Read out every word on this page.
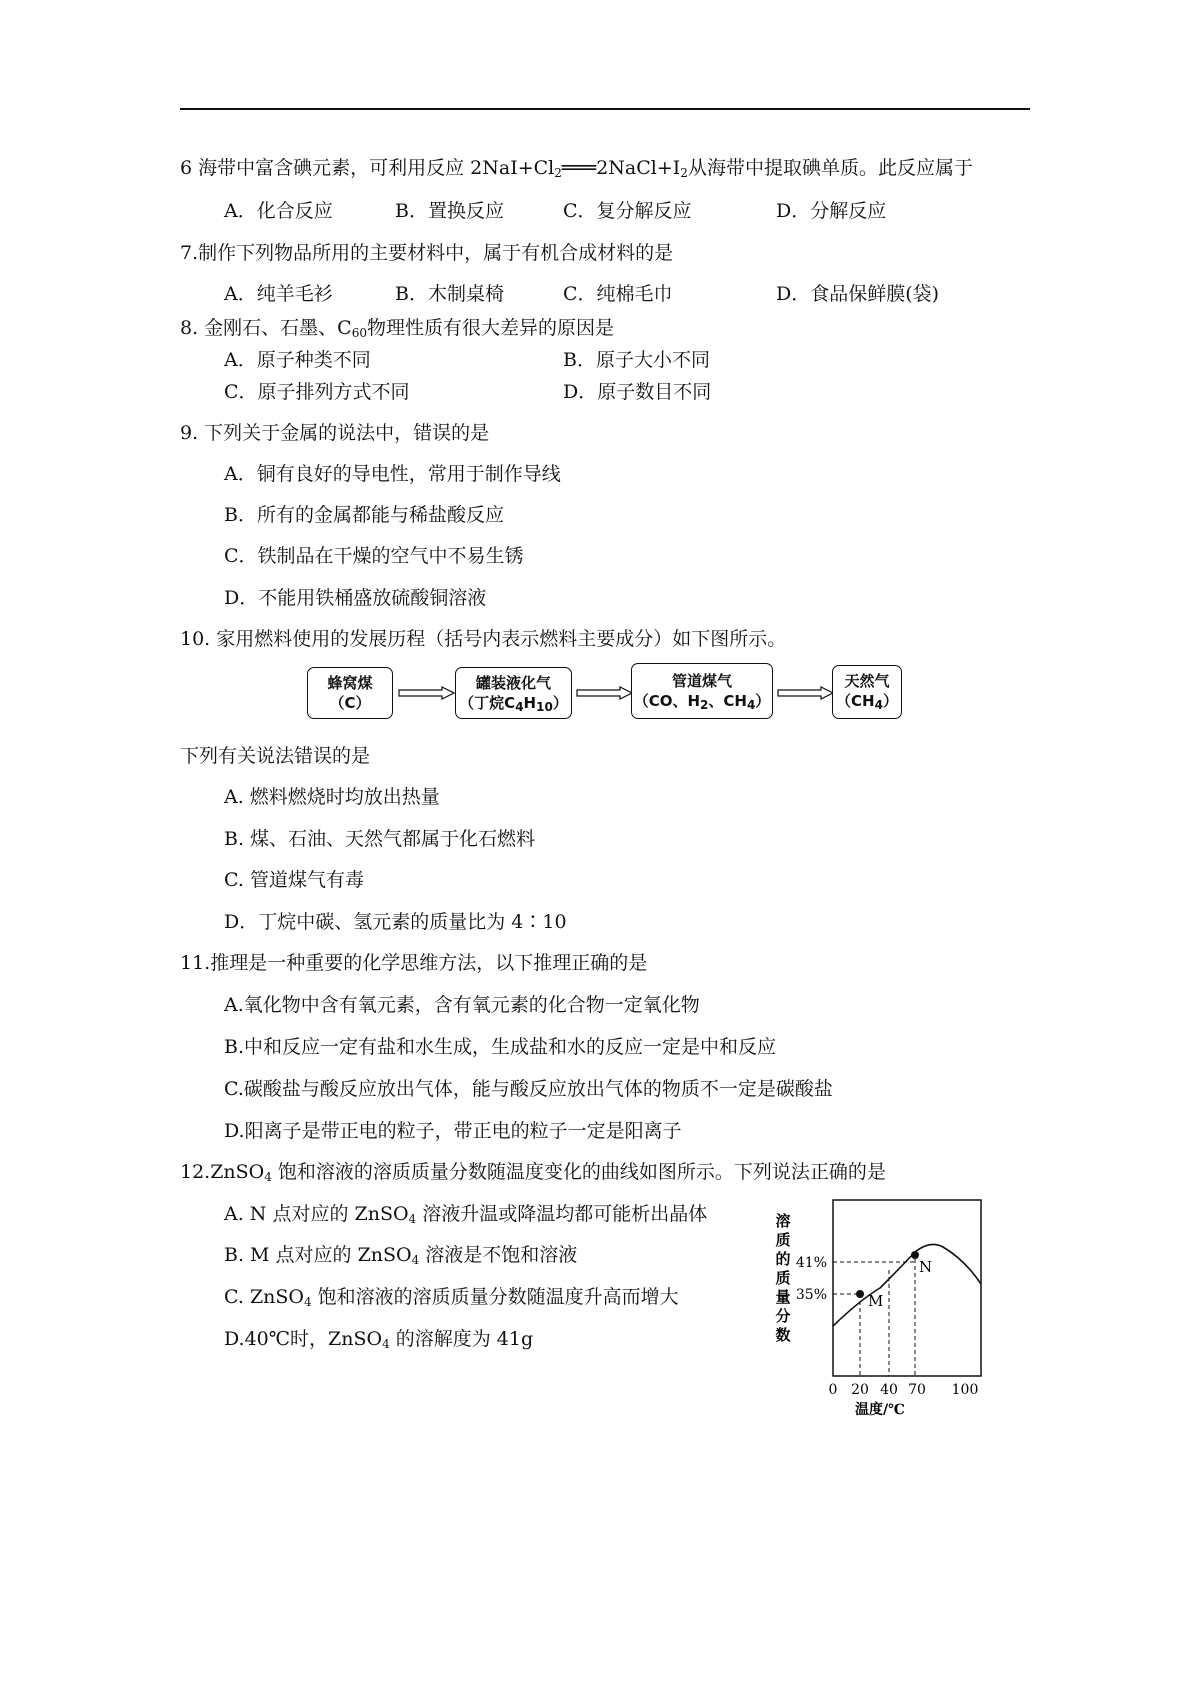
6 海带中富含碘元素，可利用反应 $2NaI+Cl_2═══2NaCl+I_2$从海带中提取碘单质。此反应属于
A．化合反应	B．置换反应	C．复分解反应	D．分解反应
7.制作下列物品所用的主要材料中，属于有机合成材料的是
A．纯羊毛衫	B．木制桌椅	C．纯棉毛巾	D．食品保鲜膜(袋)
8. 金刚石、石墨、$C_{60}$物理性质有很大差异的原因是
A．原子种类不同	B．原子大小不同
C．原子排列方式不同	D．原子数目不同
9. 下列关于金属的说法中，错误的是
A．铜有良好的导电性，常用于制作导线
B．所有的金属都能与稀盐酸反应
C．铁制品在干燥的空气中不易生锈
D．不能用铁桶盛放硫酸铜溶液
10. 家用燃料使用的发展历程（括号内表示燃料主要成分）如下图所示。
蜂窝煤
（C）
罐装液化气
（丁烷$C_4H_{10}$）
管道煤气
（CO、$H_2$、$CH_4$）
天然气
$(CH_4)$
下列有关说法错误的是
A. 燃料燃烧时均放出热量
B. 煤、石油、天然气都属于化石燃料
C. 管道煤气有毒
D．丁烷中碳、氢元素的质量比为 4∶10
11.推理是一种重要的化学思维方法，以下推理正确的是
A.氧化物中含有氧元素，含有氧元素的化合物一定氧化物
B.中和反应一定有盐和水生成，生成盐和水的反应一定是中和反应
C.碳酸盐与酸反应放出气体，能与酸反应放出气体的物质不一定是碳酸盐
D.阳离子是带正电的粒子，带正电的粒子一定是阳离子
12.ZnSO$_4$ 饱和溶液的溶质质量分数随温度变化的曲线如图所示。下列说法正确的是
A. N 点对应的 ZnSO$_4$ 溶液升温或降温均都可能析出晶体
B. M 点对应的 ZnSO$_4$ 溶液是不饱和溶液
C. ZnSO$_4$ 饱和溶液的溶质质量分数随温度升高而增大
D.40℃时，ZnSO$_4$ 的溶解度为 41g
溶
质
的
质
量
分
数
M
N
41%
35%
0 20 40 70 100
温度/℃
